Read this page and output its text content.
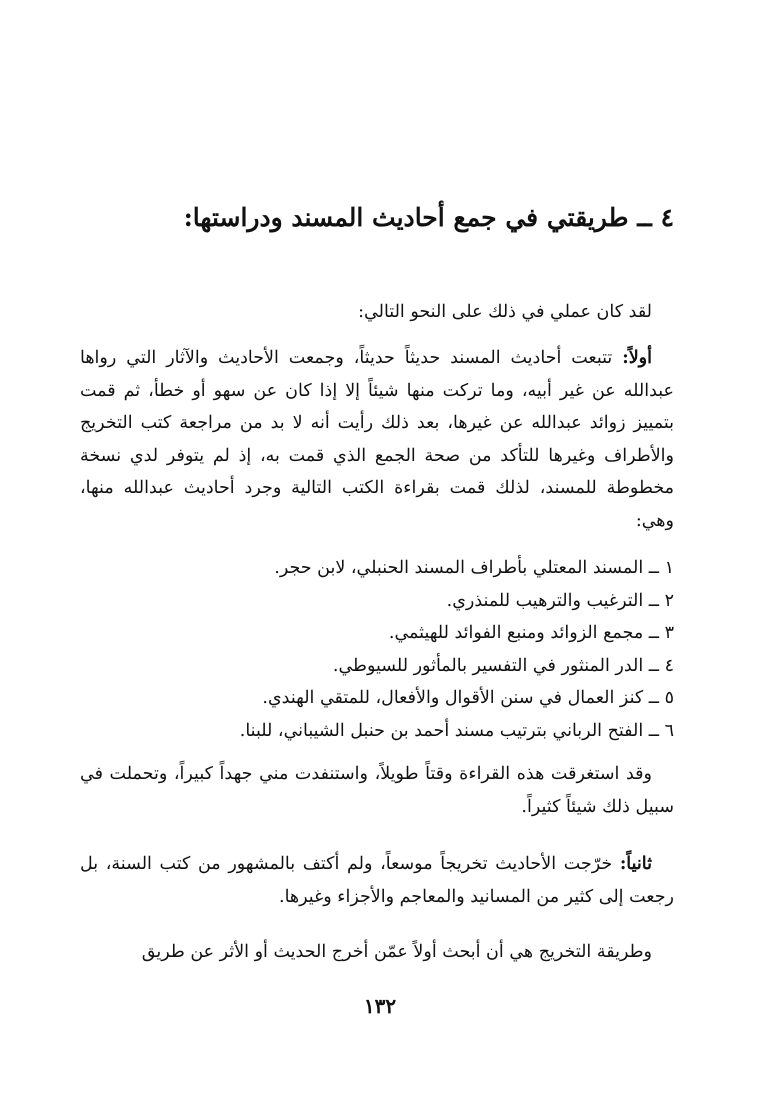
٤ ــ طريقتي في جمع أحاديث المسند ودراستها:
لقد كان عملي في ذلك على النحو التالي:
أولاً: تتبعت أحاديث المسند حديثاً حديثاً، وجمعت الأحاديث والآثار التي رواها عبدالله عن غير أبيه، وما تركت منها شيئاً إلا إذا كان عن سهو أو خطأ، ثم قمت بتمييز زوائد عبدالله عن غيرها، بعد ذلك رأيت أنه لا بد من مراجعة كتب التخريج والأطراف وغيرها للتأكد من صحة الجمع الذي قمت به، إذ لم يتوفر لدي نسخة مخطوطة للمسند، لذلك قمت بقراءة الكتب التالية وجرد أحاديث عبدالله منها، وهي:
١ ــ المسند المعتلي بأطراف المسند الحنبلي، لابن حجر.
٢ ــ الترغيب والترهيب للمنذري.
٣ ــ مجمع الزوائد ومنبع الفوائد للهيثمي.
٤ ــ الدر المنثور في التفسير بالمأثور للسيوطي.
٥ ــ كنز العمال في سنن الأقوال والأفعال، للمتقي الهندي.
٦ ــ الفتح الرباني بترتيب مسند أحمد بن حنبل الشيباني، للبنا.
وقد استغرقت هذه القراءة وقتاً طويلاً، واستنفدت مني جهداً كبيراً، وتحملت في سبيل ذلك شيئاً كثيراً.
ثانياً: خرّجت الأحاديث تخريجاً موسعاً، ولم أكتف بالمشهور من كتب السنة، بل رجعت إلى كثير من المسانيد والمعاجم والأجزاء وغيرها.
وطريقة التخريج هي أن أبحث أولاً عمّن أخرج الحديث أو الأثر عن طريق
١٣٢
